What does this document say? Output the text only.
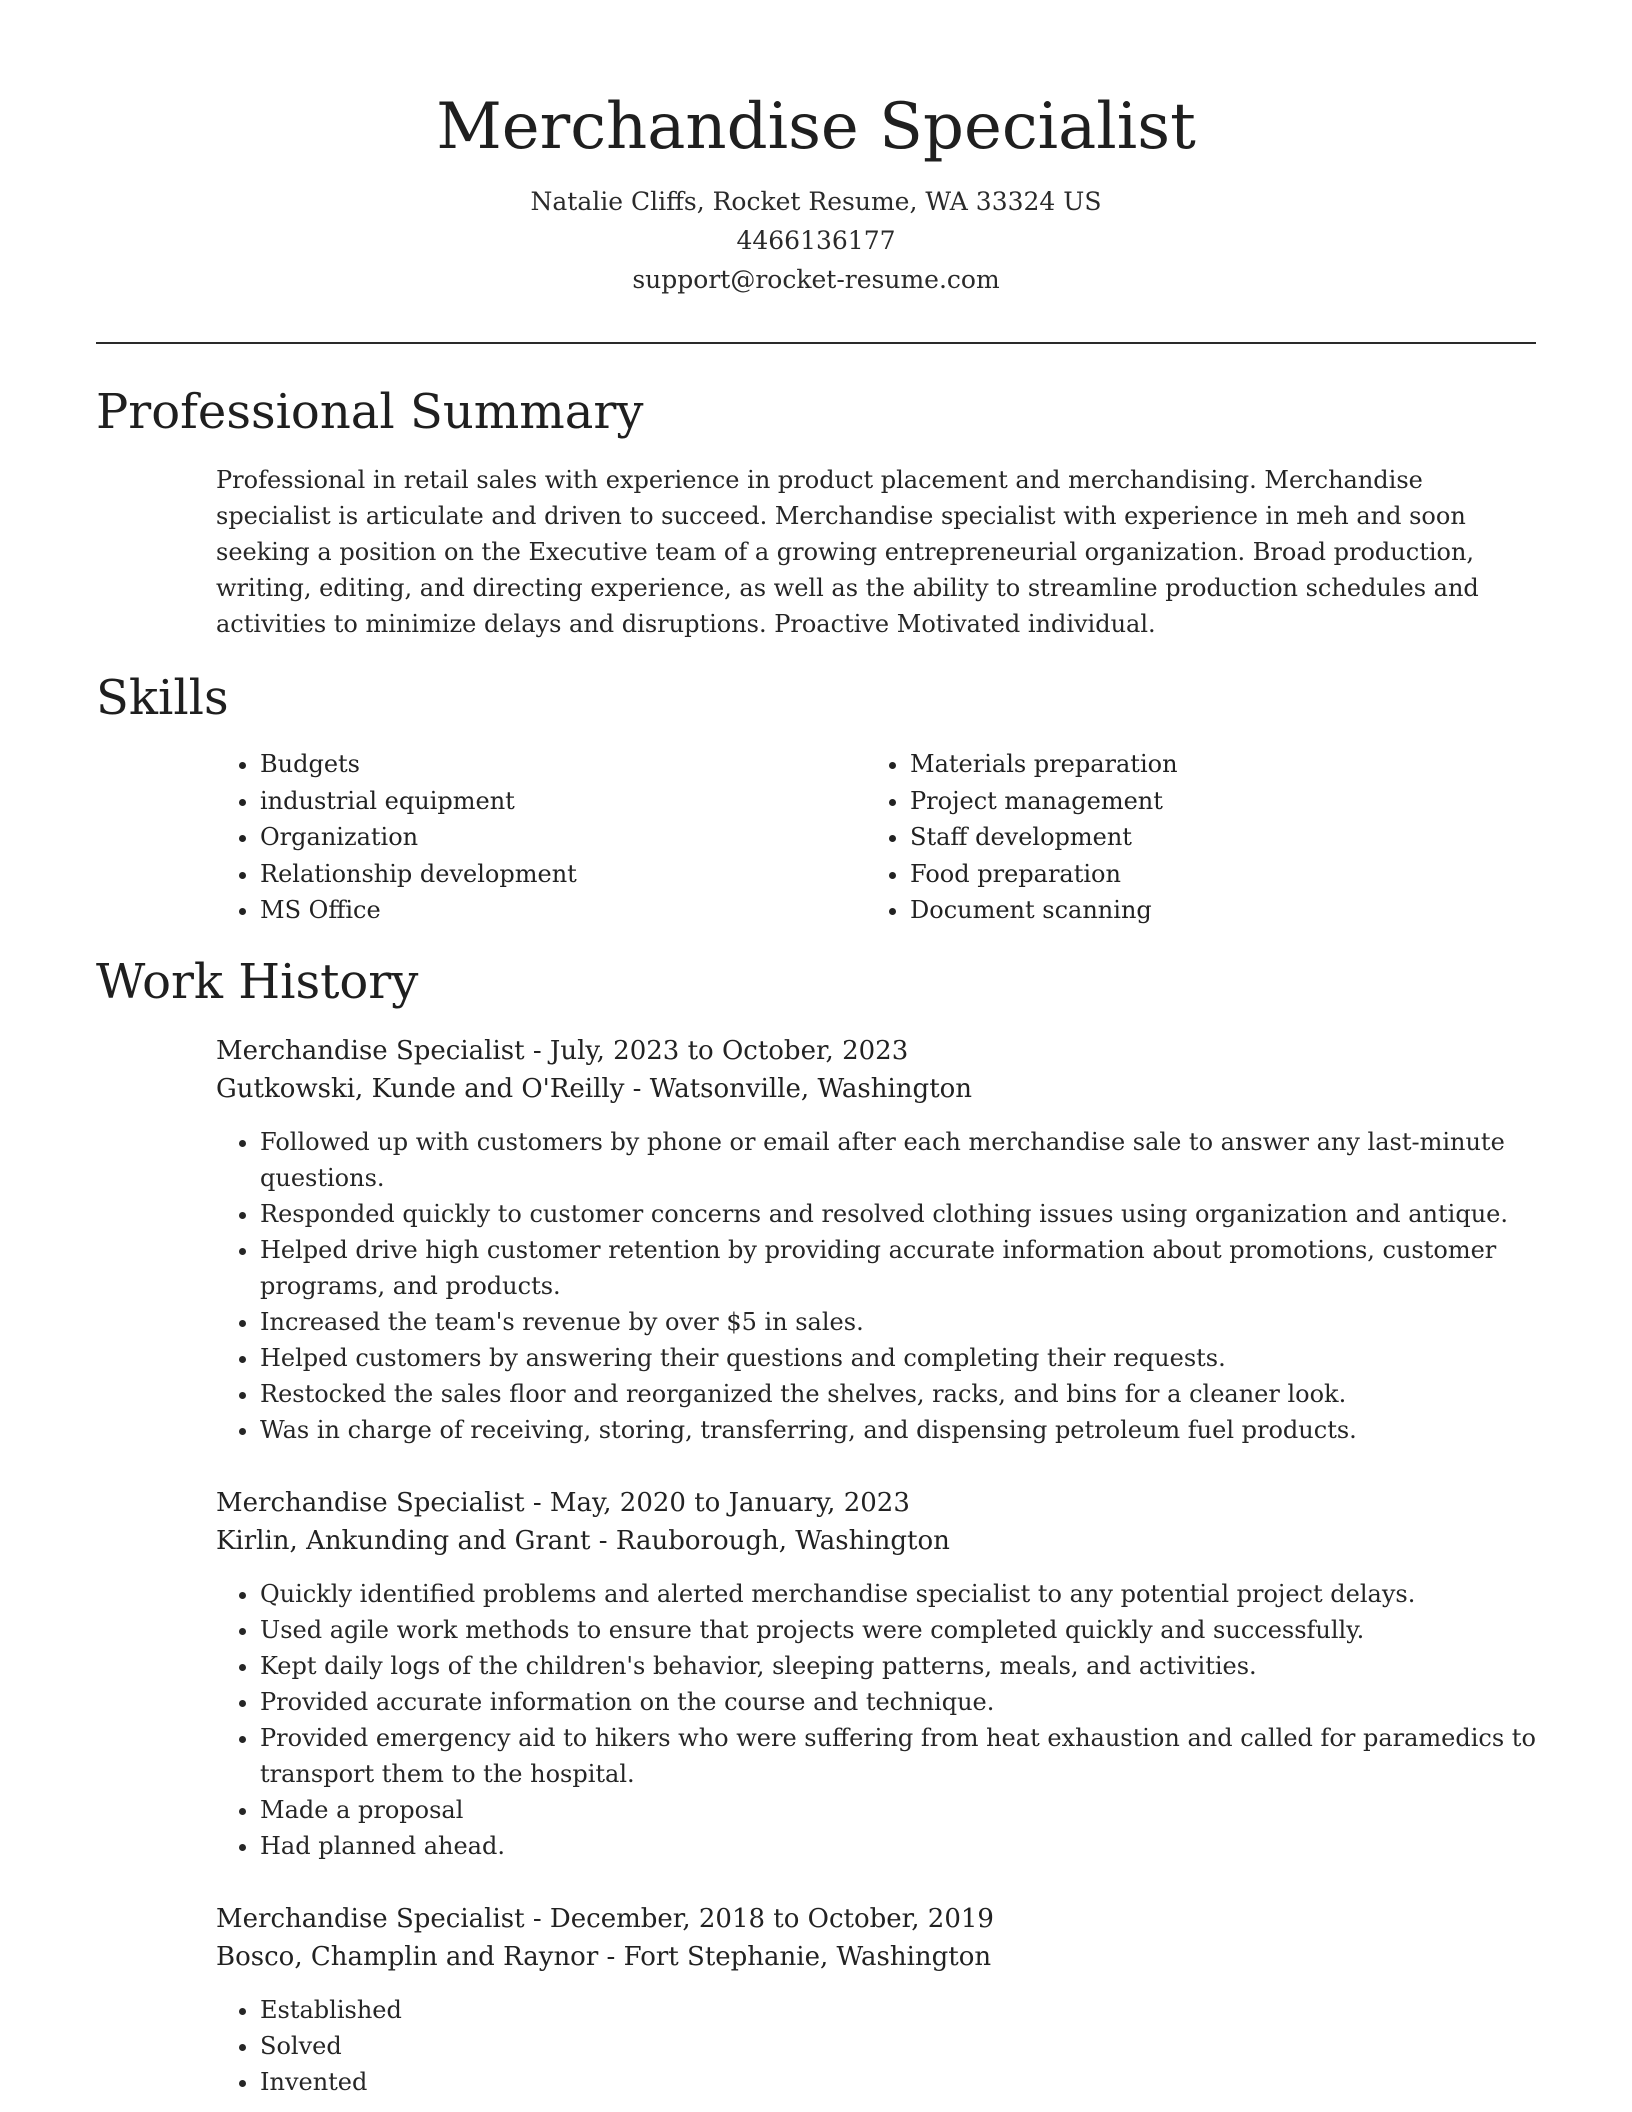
Merchandise Specialist
Natalie Cliffs, Rocket Resume, WA 33324 US
4466136177
support@rocket-resume.com
Professional Summary

Professional in retail sales with experience in product placement and merchandising. Merchandise specialist is articulate and driven to succeed. Merchandise specialist with experience in meh and soon seeking a position on the Executive team of a growing entrepreneurial organization. Broad production, writing, editing, and directing experience, as well as the ability to streamline production schedules and activities to minimize delays and disruptions. Proactive Motivated individual.

Skills
• Budgets
• industrial equipment
• Organization
• Relationship development
• MS Office
• Materials preparation
• Project management
• Staff development
• Food preparation
• Document scanning
Work History
Merchandise Specialist - July, 2023 to October, 2023
Gutkowski, Kunde and O'Reilly - Watsonville, Washington
• Followed up with customers by phone or email after each merchandise sale to answer any last-minute questions.
• Responded quickly to customer concerns and resolved clothing issues using organization and antique.
• Helped drive high customer retention by providing accurate information about promotions, customer programs, and products.
• Increased the team's revenue by over $5 in sales.
• Helped customers by answering their questions and completing their requests.
• Restocked the sales floor and reorganized the shelves, racks, and bins for a cleaner look.
• Was in charge of receiving, storing, transferring, and dispensing petroleum fuel products.
Merchandise Specialist - May, 2020 to January, 2023
Kirlin, Ankunding and Grant - Rauborough, Washington
• Quickly identified problems and alerted merchandise specialist to any potential project delays.
• Used agile work methods to ensure that projects were completed quickly and successfully.
• Kept daily logs of the children's behavior, sleeping patterns, meals, and activities.
• Provided accurate information on the course and technique.
• Provided emergency aid to hikers who were suffering from heat exhaustion and called for paramedics to transport them to the hospital.
• Made a proposal
• Had planned ahead.
Merchandise Specialist - December, 2018 to October, 2019
Bosco, Champlin and Raynor - Fort Stephanie, Washington
• Established
• Solved
• Invented
